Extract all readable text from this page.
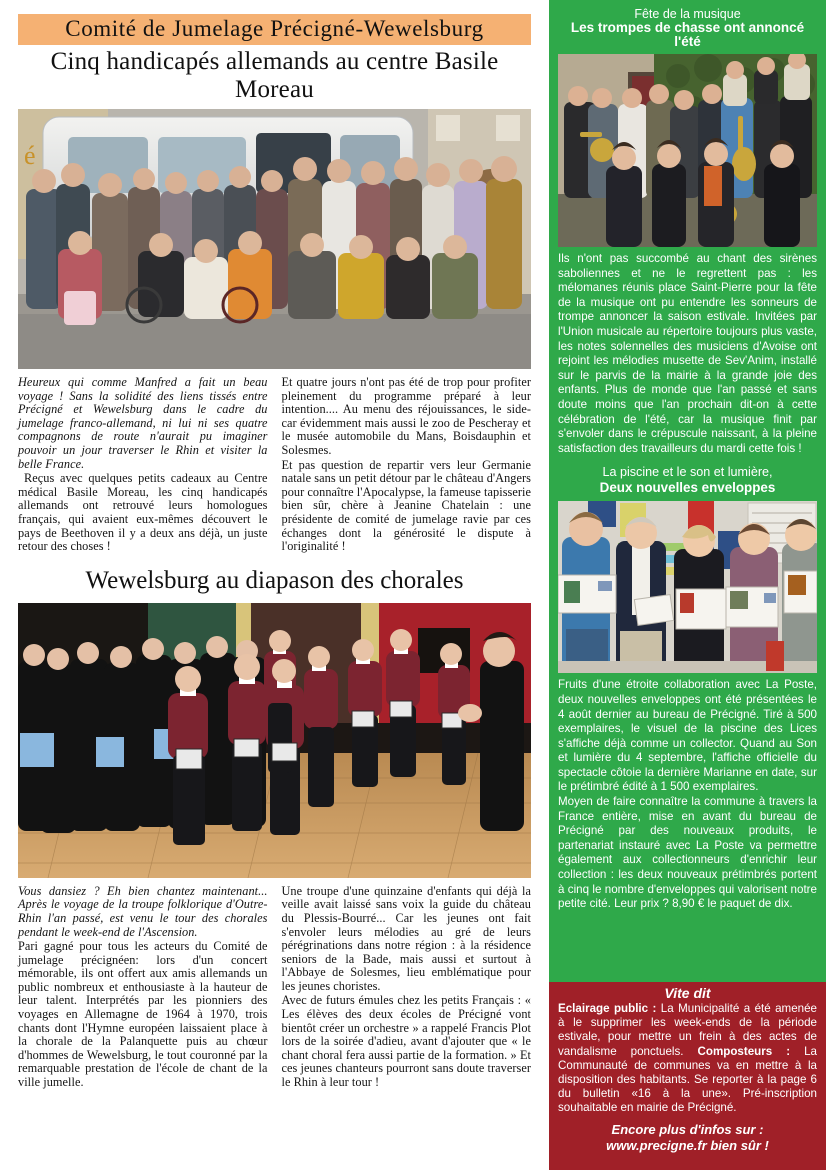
Comité de Jumelage Précigné-Wewelsburg
Cinq handicapés allemands au centre Basile Moreau
é

Heureux qui comme Manfred a fait un beau voyage ! Sans la solidité des liens tissés entre Précigné et Wewelsburg dans le cadre du jumelage franco-allemand, ni lui ni ses quatre compagnons de route n'aurait pu imaginer pouvoir un jour traverser le Rhin et visiter la belle France.

Reçus avec quelques petits cadeaux au Centre médical Basile Moreau, les cinq handicapés allemands ont retrouvé leurs homologues français, qui avaient eux-mêmes découvert le pays de Beethoven il y a deux ans déjà, un juste retour des choses !

Et quatre jours n'ont pas été de trop pour profiter pleinement du programme préparé à leur intention.... Au menu des réjouissances, le side-car évidemment mais aussi le zoo de Pescheray et le musée automobile du Mans, Boisdauphin et Solesmes.

Et pas question de repartir vers leur Germanie natale sans un petit détour par le château d'Angers pour connaître l'Apocalypse, la fameuse tapisserie bien sûr, chère à Jeanine Chatelain : une présidente de comité de jumelage ravie par ces échanges dont la générosité le dispute à l'originalité !

Wewelsburg au diapason des chorales

Vous dansiez ? Eh bien chantez maintenant... Après le voyage de la troupe folklorique d'Outre-Rhin l'an passé, est venu le tour des chorales pendant le week-end de l'Ascension.

Pari gagné pour tous les acteurs du Comité de jumelage précignéen: lors d'un concert mémorable, ils ont offert aux amis allemands un public nombreux et enthousiaste à la hauteur de leur talent. Interprétés par les pionniers des voyages en Allemagne de 1964 à 1970, trois chants dont l'Hymne européen laissaient place à la chorale de la Palanquette puis au chœur d'hommes de Wewelsburg, le tout couronné par la remarquable prestation de l'école de chant de la ville jumelle.

Une troupe d'une quinzaine d'enfants qui déjà la veille avait laissé sans voix la guide du château du Plessis-Bourré... Car les jeunes ont fait s'envoler leurs mélodies au gré de leurs pérégrinations dans notre région : à la résidence seniors de la Bade, mais aussi et surtout à l'Abbaye de Solesmes, lieu emblématique pour les jeunes choristes.

Avec de futurs émules chez les petits Français : « Les élèves des deux écoles de Précigné vont bientôt créer un orchestre » a rappelé Francis Plot lors de la soirée d'adieu, avant d'ajouter que « le chant choral fera aussi partie de la formation. » Et ces jeunes chanteurs pourront sans doute traverser le Rhin à leur tour !

Fête de la musique
Les trompes de chasse ont annoncé l'été

Ils n'ont pas succombé au chant des sirènes saboliennes et ne le regrettent pas : les mélomanes réunis place Saint-Pierre pour la fête de la musique ont pu entendre les sonneurs de trompe annoncer la saison estivale. Invitées par l'Union musicale au répertoire toujours plus vaste, les notes solennelles des musiciens d'Avoise ont rejoint les mélodies musette de Sev'Anim, installé sur le parvis de la mairie à la grande joie des enfants. Plus de monde que l'an passé et sans doute moins que l'an prochain dit-on à cette célébration de l'été, car la musique finit par s'envoler dans le crépuscule naissant, à la pleine satisfaction des travailleurs du mardi cette fois !

La piscine et le son et lumière,
Deux nouvelles enveloppes

Fruits d'une étroite collaboration avec La Poste, deux nouvelles enveloppes ont été présentées le 4 août dernier au bureau de Précigné. Tiré à 500 exemplaires, le visuel de la piscine des Lices s'affiche déjà comme un collector. Quand au Son et lumière du 4 septembre, l'affiche officielle du spectacle côtoie la dernière Marianne en date, sur le prétimbré édité à 1 500 exemplaires.

Moyen de faire connaître la commune à travers la France entière, mise en avant du bureau de Précigné par des nouveaux produits, le partenariat instauré avec La Poste va permettre également aux collectionneurs d'enrichir leur collection : les deux nouveaux prétimbrés portent à cinq le nombre d'enveloppes qui valorisent notre petite cité. Leur prix ? 8,90 € le paquet de dix.

Vite dit
Eclairage public : La Municipalité a été amenée à le supprimer les week-ends de la période estivale, pour mettre un frein à des actes de vandalisme ponctuels. Composteurs : La Communauté de communes va en mettre à la disposition des habitants. Se reporter à la page 6 du bulletin «16 à la une». Pré-inscription souhaitable en mairie de Précigné.
Encore plus d'infos sur :
www.precigne.fr bien sûr !
